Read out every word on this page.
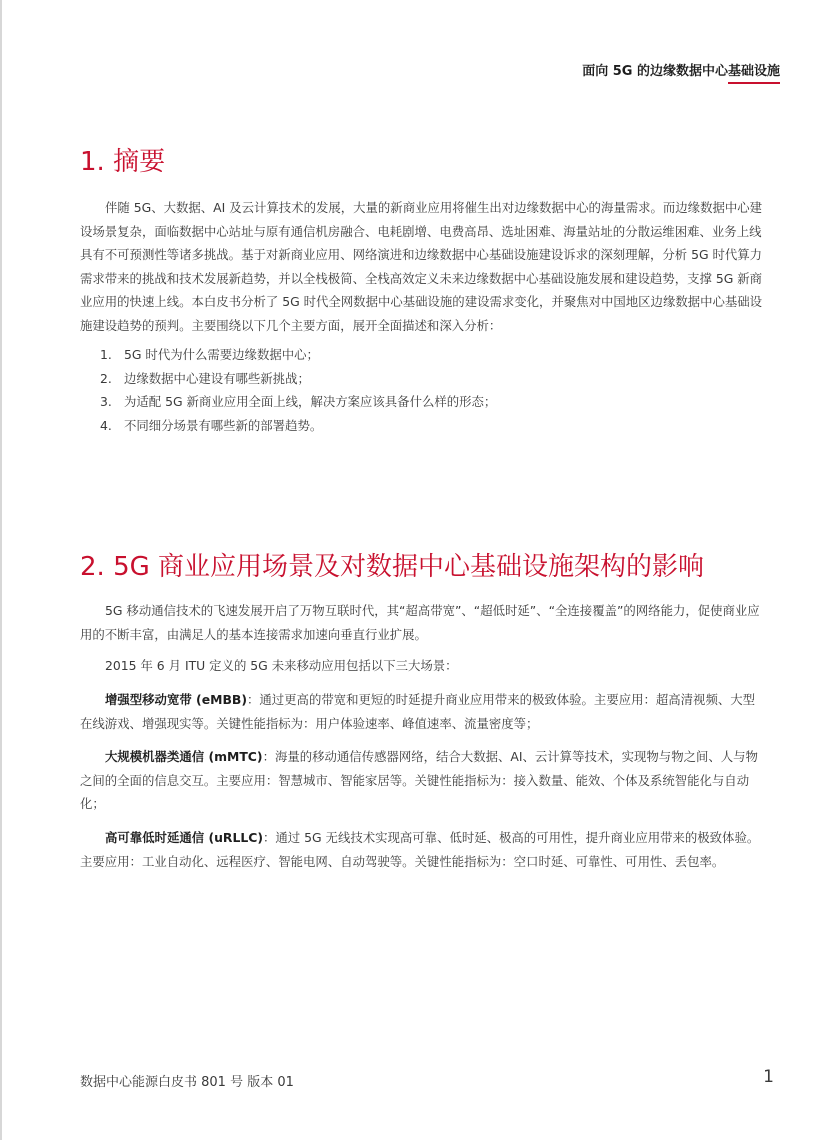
面向 5G 的边缘数据中心基础设施
1. 摘要

伴随 5G、大数据、AI 及云计算技术的发展，大量的新商业应用将催生出对边缘数据中心的海量需求。而边缘数据中心建设场景复杂，面临数据中心站址与原有通信机房融合、电耗剧增、电费高昂、选址困难、海量站址的分散运维困难、业务上线具有不可预测性等诸多挑战。基于对新商业应用、网络演进和边缘数据中心基础设施建设诉求的深刻理解，分析 5G 时代算力需求带来的挑战和技术发展新趋势，并以全栈极简、全栈高效定义未来边缘数据中心基础设施发展和建设趋势，支撑 5G 新商业应用的快速上线。本白皮书分析了 5G 时代全网数据中心基础设施的建设需求变化，并聚焦对中国地区边缘数据中心基础设施建设趋势的预判。主要围绕以下几个主要方面，展开全面描述和深入分析：

1. 5G 时代为什么需要边缘数据中心；
2. 边缘数据中心建设有哪些新挑战；
3. 为适配 5G 新商业应用全面上线，解决方案应该具备什么样的形态；
4. 不同细分场景有哪些新的部署趋势。
2. 5G 商业应用场景及对数据中心基础设施架构的影响

5G 移动通信技术的飞速发展开启了万物互联时代，其“超高带宽”、“超低时延”、“全连接覆盖”的网络能力，促使商业应用的不断丰富，由满足人的基本连接需求加速向垂直行业扩展。

2015 年 6 月 ITU 定义的 5G 未来移动应用包括以下三大场景：

增强型移动宽带 (eMBB)：通过更高的带宽和更短的时延提升商业应用带来的极致体验。主要应用：超高清视频、大型在线游戏、增强现实等。关键性能指标为：用户体验速率、峰值速率、流量密度等；

大规模机器类通信 (mMTC)：海量的移动通信传感器网络，结合大数据、AI、云计算等技术，实现物与物之间、人与物之间的全面的信息交互。主要应用：智慧城市、智能家居等。关键性能指标为：接入数量、能效、个体及系统智能化与自动化；

高可靠低时延通信 (uRLLC)：通过 5G 无线技术实现高可靠、低时延、极高的可用性，提升商业应用带来的极致体验。主要应用：工业自动化、远程医疗、智能电网、自动驾驶等。关键性能指标为：空口时延、可靠性、可用性、丢包率。

数据中心能源白皮书 801 号 版本 01	1
